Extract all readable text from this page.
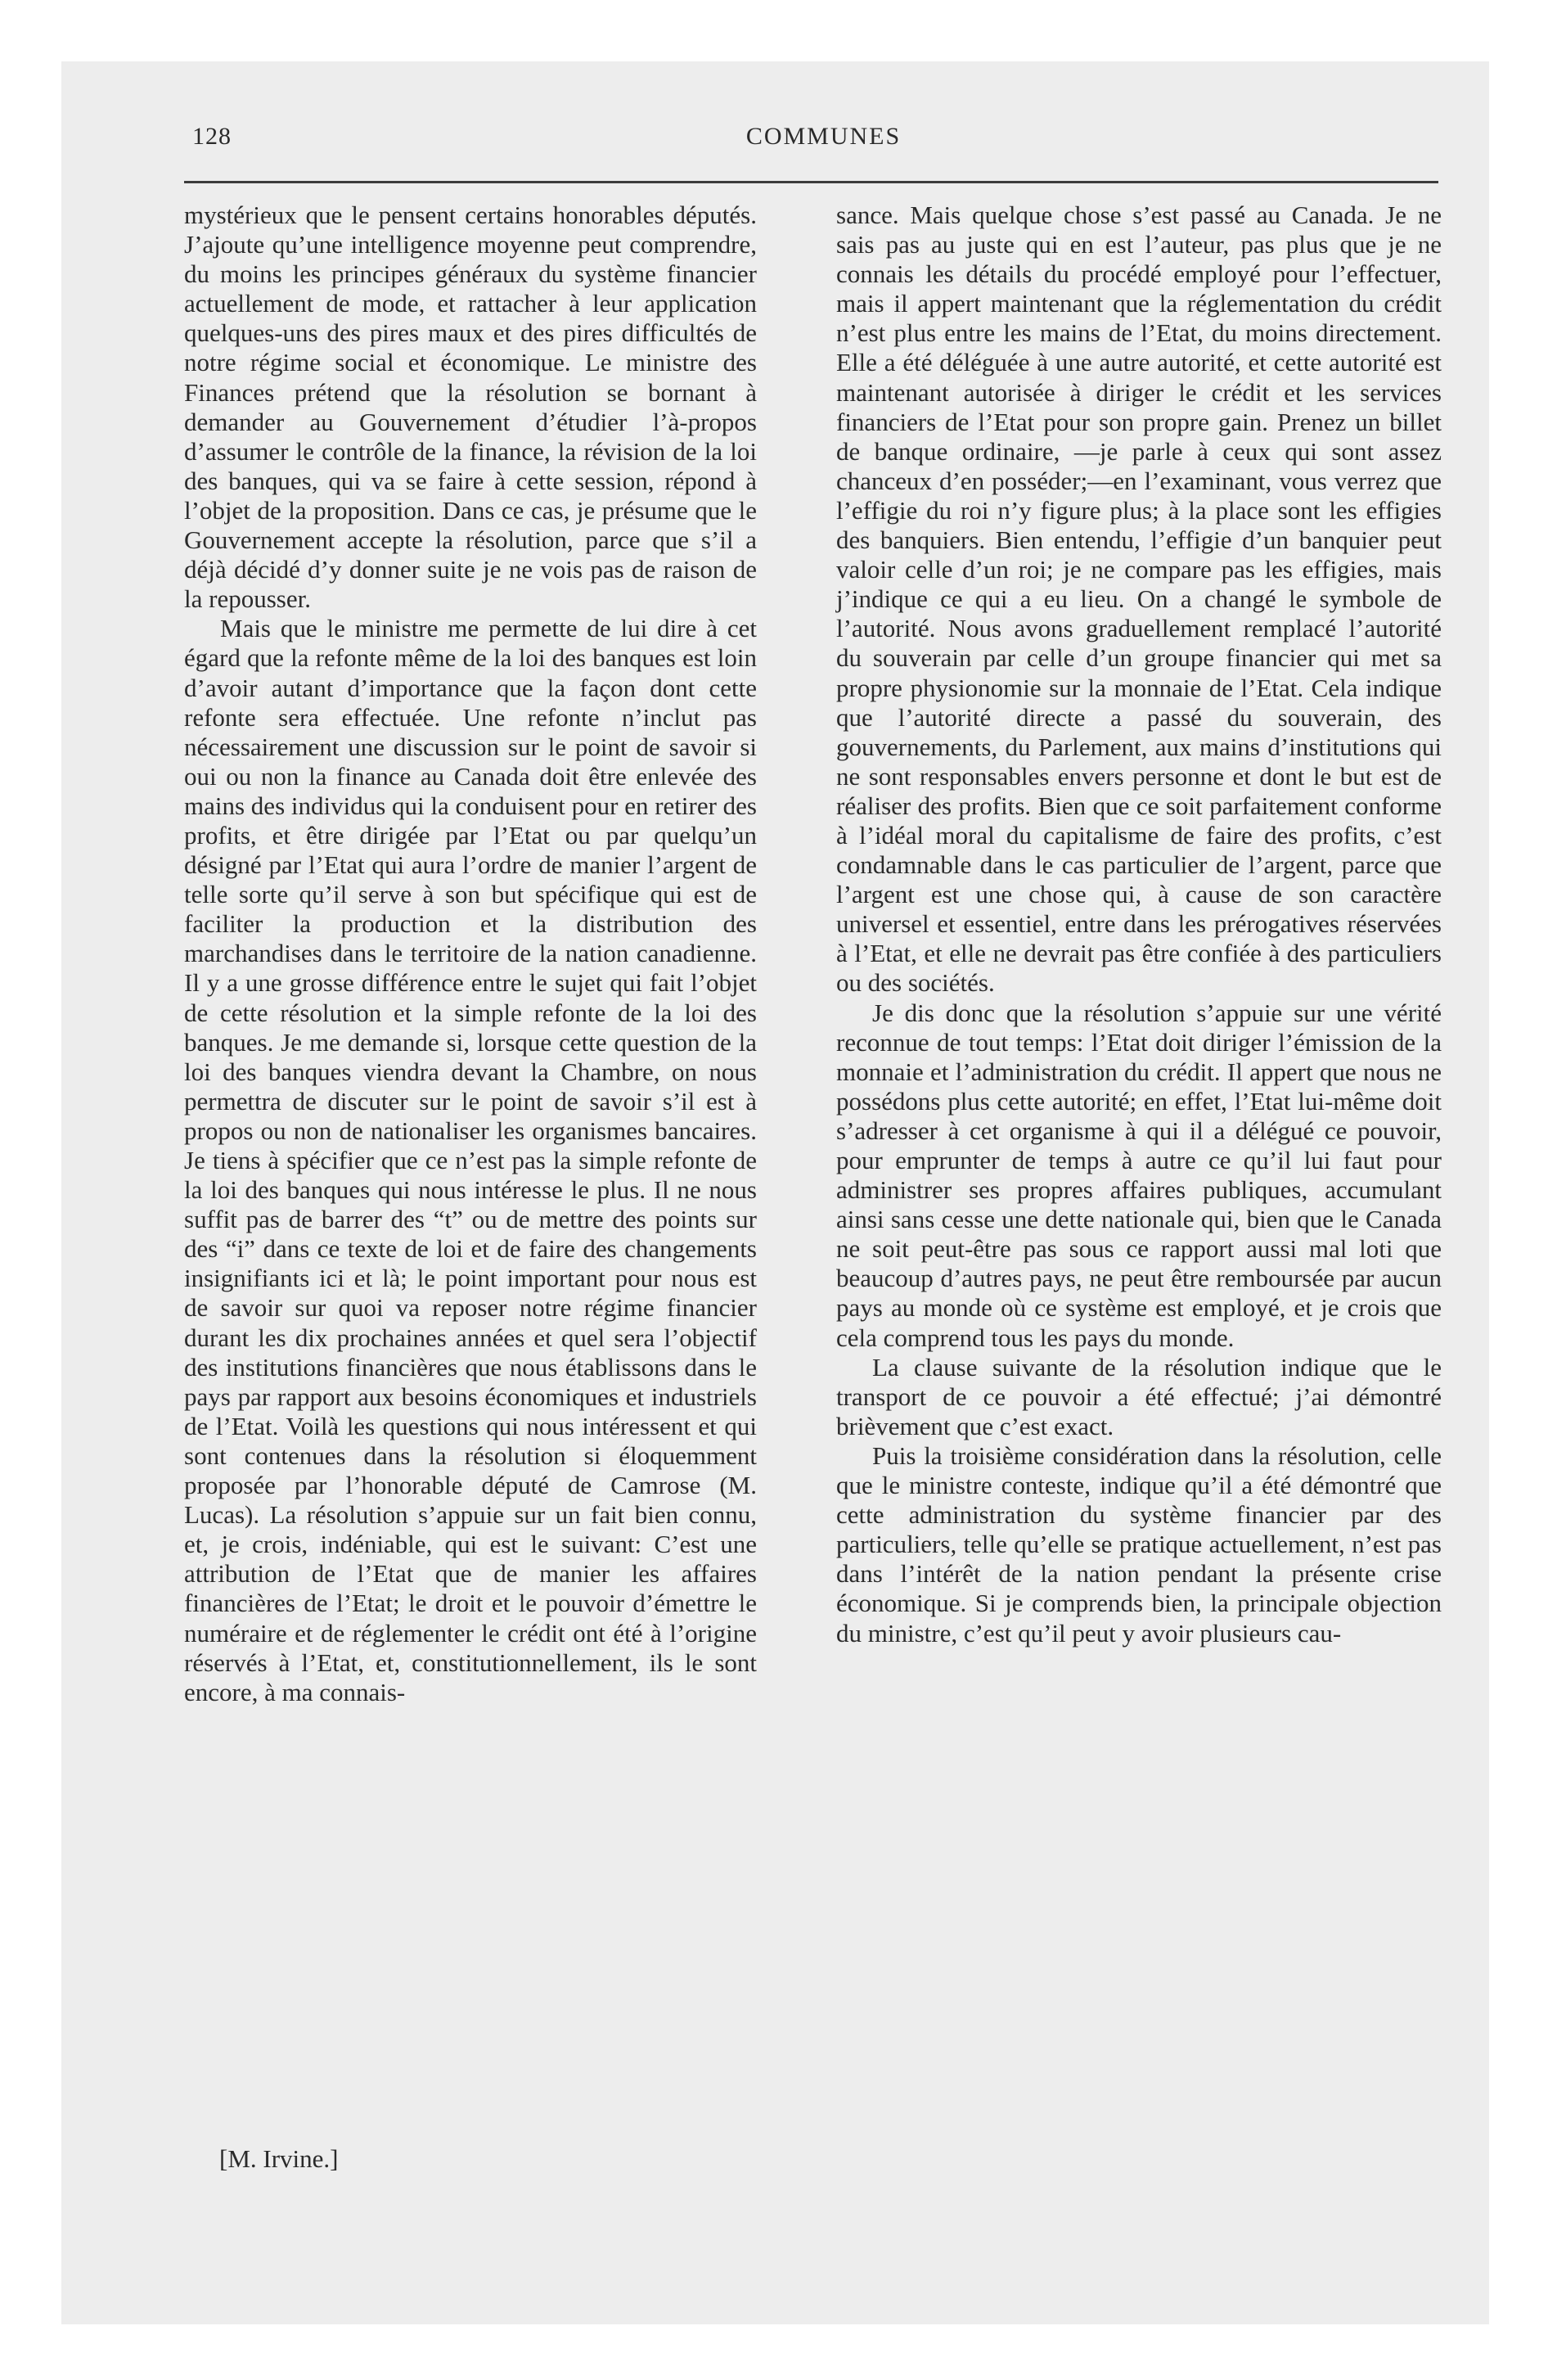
128	COMMUNES

mystérieux que le pensent certains honorables députés. J’ajoute qu’une intelligence moyenne peut comprendre, du moins les principes généraux du système financier actuellement de mode, et rattacher à leur application quelques-uns des pires maux et des pires difficultés de notre régime social et économique. Le ministre des Finances prétend que la résolution se bornant à demander au Gouvernement d’étudier l’à-propos d’assumer le contrôle de la finance, la révision de la loi des banques, qui va se faire à cette session, répond à l’objet de la proposition. Dans ce cas, je présume que le Gouvernement accepte la résolution, parce que s’il a déjà décidé d’y donner suite je ne vois pas de raison de la repousser.

Mais que le ministre me permette de lui dire à cet égard que la refonte même de la loi des banques est loin d’avoir autant d’importance que la façon dont cette refonte sera effectuée. Une refonte n’inclut pas nécessairement une discussion sur le point de savoir si oui ou non la finance au Canada doit être enlevée des mains des individus qui la conduisent pour en retirer des profits, et être dirigée par l’Etat ou par quelqu’un désigné par l’Etat qui aura l’ordre de manier l’argent de telle sorte qu’il serve à son but spécifique qui est de faciliter la production et la distribution des marchandises dans le territoire de la nation canadienne. Il y a une grosse différence entre le sujet qui fait l’objet de cette résolution et la simple refonte de la loi des banques. Je me demande si, lorsque cette question de la loi des banques viendra devant la Chambre, on nous permettra de discuter sur le point de savoir s’il est à propos ou non de nationaliser les organismes bancaires. Je tiens à spécifier que ce n’est pas la simple refonte de la loi des banques qui nous intéresse le plus. Il ne nous suffit pas de barrer des “t” ou de mettre des points sur des “i” dans ce texte de loi et de faire des changements insignifiants ici et là; le point important pour nous est de savoir sur quoi va reposer notre régime financier durant les dix prochaines années et quel sera l’objectif des institutions financières que nous établissons dans le pays par rapport aux besoins économiques et industriels de l’Etat. Voilà les questions qui nous intéressent et qui sont contenues dans la résolution si éloquemment proposée par l’honorable député de Camrose (M. Lucas). La résolution s’appuie sur un fait bien connu, et, je crois, indéniable, qui est le suivant: C’est une attribution de l’Etat que de manier les affaires financières de l’Etat; le droit et le pouvoir d’émettre le numéraire et de réglementer le crédit ont été à l’origine réservés à l’Etat, et, constitutionnellement, ils le sont encore, à ma connais-

[M. Irvine.]

sance. Mais quelque chose s’est passé au Canada. Je ne sais pas au juste qui en est l’auteur, pas plus que je ne connais les détails du procédé employé pour l’effectuer, mais il appert maintenant que la réglementation du crédit n’est plus entre les mains de l’Etat, du moins directement. Elle a été déléguée à une autre autorité, et cette autorité est maintenant autorisée à diriger le crédit et les services financiers de l’Etat pour son propre gain. Prenez un billet de banque ordinaire, —je parle à ceux qui sont assez chanceux d’en posséder;—en l’examinant, vous verrez que l’effigie du roi n’y figure plus; à la place sont les effigies des banquiers. Bien entendu, l’effigie d’un banquier peut valoir celle d’un roi; je ne compare pas les effigies, mais j’indique ce qui a eu lieu. On a changé le symbole de l’autorité. Nous avons graduellement remplacé l’autorité du souverain par celle d’un groupe financier qui met sa propre physionomie sur la monnaie de l’Etat. Cela indique que l’autorité directe a passé du souverain, des gouvernements, du Parlement, aux mains d’institutions qui ne sont responsables envers personne et dont le but est de réaliser des profits. Bien que ce soit parfaitement conforme à l’idéal moral du capitalisme de faire des profits, c’est condamnable dans le cas particulier de l’argent, parce que l’argent est une chose qui, à cause de son caractère universel et essentiel, entre dans les prérogatives réservées à l’Etat, et elle ne devrait pas être confiée à des particuliers ou des sociétés.

Je dis donc que la résolution s’appuie sur une vérité reconnue de tout temps: l’Etat doit diriger l’émission de la monnaie et l’administration du crédit. Il appert que nous ne possédons plus cette autorité; en effet, l’Etat lui-même doit s’adresser à cet organisme à qui il a délégué ce pouvoir, pour emprunter de temps à autre ce qu’il lui faut pour administrer ses propres affaires publiques, accumulant ainsi sans cesse une dette nationale qui, bien que le Canada ne soit peut-être pas sous ce rapport aussi mal loti que beaucoup d’autres pays, ne peut être remboursée par aucun pays au monde où ce système est employé, et je crois que cela comprend tous les pays du monde.

La clause suivante de la résolution indique que le transport de ce pouvoir a été effectué; j’ai démontré brièvement que c’est exact.

Puis la troisième considération dans la résolution, celle que le ministre conteste, indique qu’il a été démontré que cette administration du système financier par des particuliers, telle qu’elle se pratique actuellement, n’est pas dans l’intérêt de la nation pendant la présente crise économique. Si je comprends bien, la principale objection du ministre, c’est qu’il peut y avoir plusieurs cau-
